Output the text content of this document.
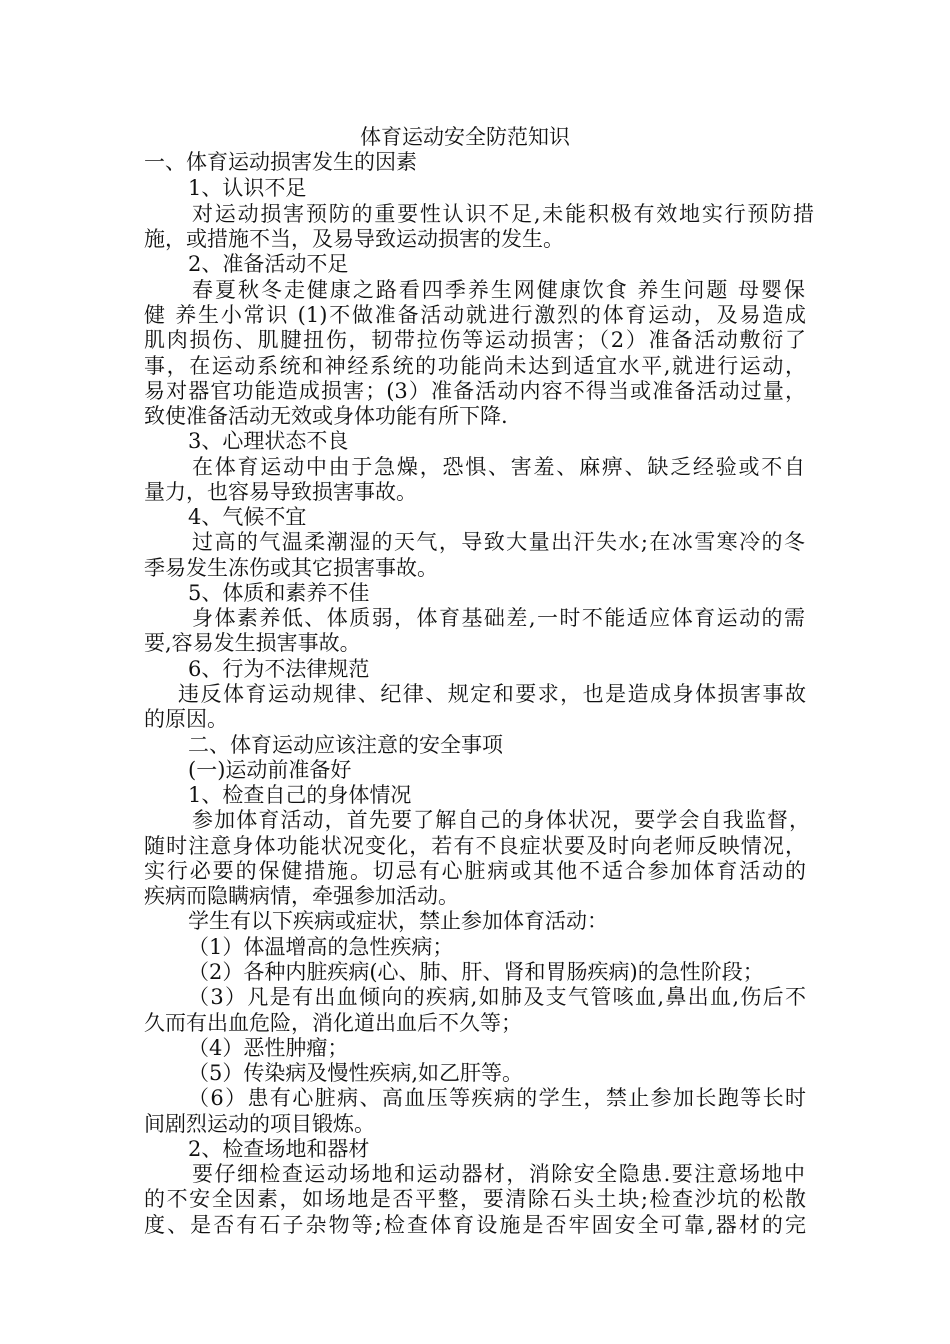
体育运动安全防范知识
一、体育运动损害发生的因素
1、认识不足
对运动损害预防的重要性认识不足,未能积极有效地实行预防措
施，或措施不当，及易导致运动损害的发生。
2、准备活动不足
春夏秋冬走健康之路看四季养生网健康饮食 养生问题 母婴保
健 养生小常识 (1)不做准备活动就进行激烈的体育运动，及易造成
肌肉损伤、肌腱扭伤，韧带拉伤等运动损害；（2）准备活动敷衍了
事，在运动系统和神经系统的功能尚未达到适宜水平,就进行运动，
易对器官功能造成损害；(3）准备活动内容不得当或准备活动过量，
致使准备活动无效或身体功能有所下降.
3、心理状态不良
在体育运动中由于急燥，恐惧、害羞、麻痹、缺乏经验或不自
量力，也容易导致损害事故。
4、气候不宜
过高的气温柔潮湿的天气，导致大量出汗失水;在冰雪寒冷的冬
季易发生冻伤或其它损害事故。
5、体质和素养不佳
身体素养低、体质弱，体育基础差,一时不能适应体育运动的需
要,容易发生损害事故。
6、行为不法律规范
违反体育运动规律、纪律、规定和要求，也是造成身体损害事故
的原因。
二、体育运动应该注意的安全事项
(一)运动前准备好
1、检查自己的身体情况
参加体育活动，首先要了解自己的身体状况，要学会自我监督，
随时注意身体功能状况变化，若有不良症状要及时向老师反映情况，
实行必要的保健措施。切忌有心脏病或其他不适合参加体育活动的
疾病而隐瞒病情，牵强参加活动。
学生有以下疾病或症状，禁止参加体育活动：
（1）体温增高的急性疾病；
（2）各种内脏疾病(心、肺、肝、肾和胃肠疾病)的急性阶段；
（3）凡是有出血倾向的疾病,如肺及支气管咳血,鼻出血,伤后不
久而有出血危险，消化道出血后不久等；
（4）恶性肿瘤；
（5）传染病及慢性疾病,如乙肝等。
（6）患有心脏病、高血压等疾病的学生，禁止参加长跑等长时
间剧烈运动的项目锻炼。
2、检查场地和器材
要仔细检查运动场地和运动器材，消除安全隐患.要注意场地中
的不安全因素，如场地是否平整，要清除石头土块;检查沙坑的松散
度、是否有石子杂物等;检查体育设施是否牢固安全可靠,器材的完
